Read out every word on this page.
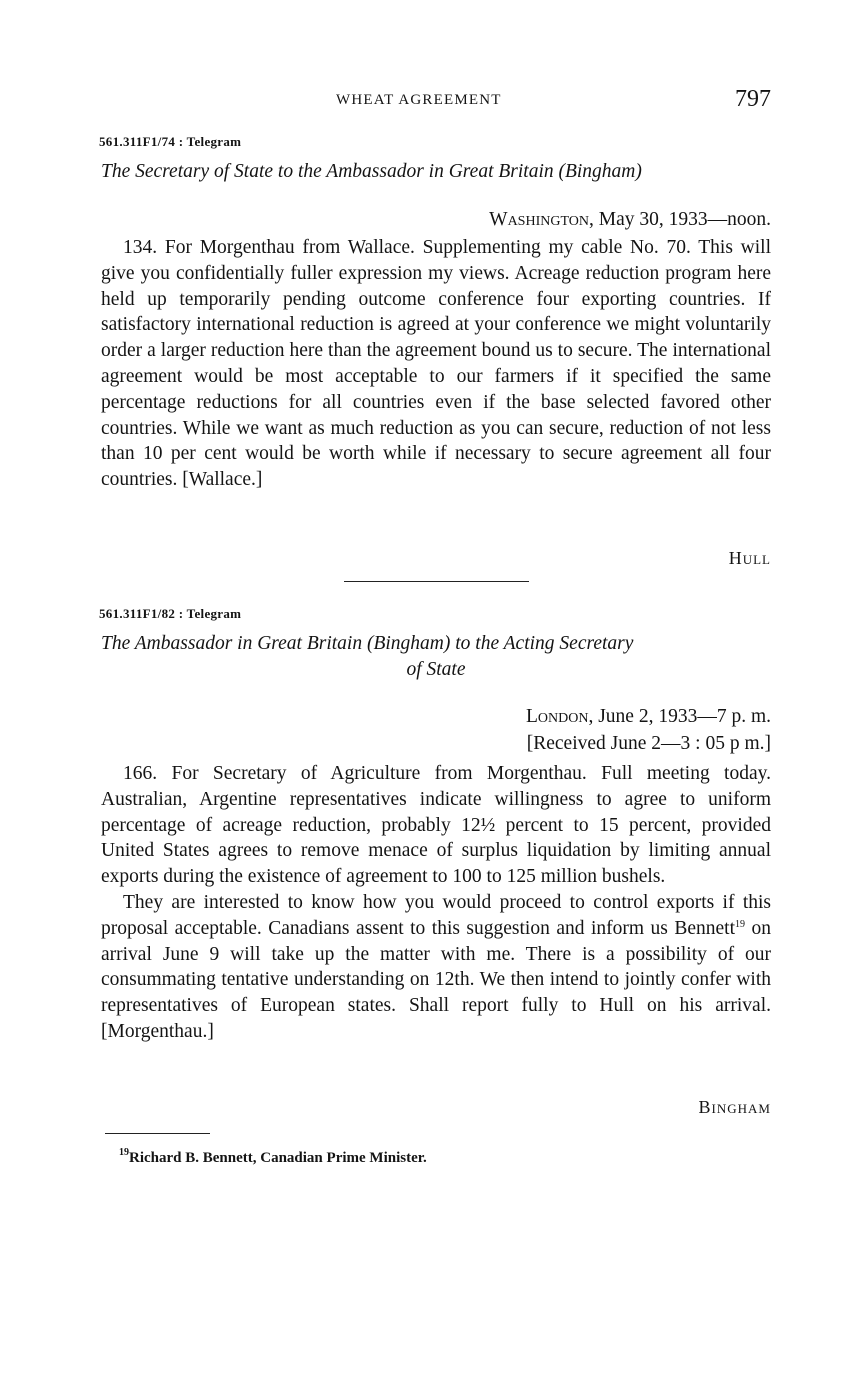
WHEAT AGREEMENT	797
561.311F1/74 : Telegram
The Secretary of State to the Ambassador in Great Britain (Bingham)
Washington, May 30, 1933—noon.

134. For Morgenthau from Wallace. Supplementing my cable No. 70. This will give you confidentially fuller expression my views. Acreage reduction program here held up temporarily pending outcome conference four exporting countries. If satisfactory international reduction is agreed at your conference we might voluntarily order a larger reduction here than the agreement bound us to secure. The international agreement would be most acceptable to our farmers if it specified the same percentage reductions for all countries even if the base selected favored other countries. While we want as much reduction as you can secure, reduction of not less than 10 per cent would be worth while if necessary to secure agreement all four countries. [Wallace.]

Hull
561.311F1/82 : Telegram
The Ambassador in Great Britain (Bingham) to the Acting Secretary
of State
London, June 2, 1933—7 p. m.
[Received June 2—3 : 05 p m.]

166. For Secretary of Agriculture from Morgenthau. Full meeting today. Australian, Argentine representatives indicate willingness to agree to uniform percentage of acreage reduction, probably 12½ percent to 15 percent, provided United States agrees to remove menace of surplus liquidation by limiting annual exports during the existence of agreement to 100 to 125 million bushels.

They are interested to know how you would proceed to control exports if this proposal acceptable. Canadians assent to this suggestion and inform us Bennett$^{19}$ on arrival June 9 will take up the matter with me. There is a possibility of our consummating tentative understanding on 12th. We then intend to jointly confer with representatives of European states. Shall report fully to Hull on his arrival. [Morgenthau.]

Bingham
$^{19}$Richard B. Bennett, Canadian Prime Minister.
